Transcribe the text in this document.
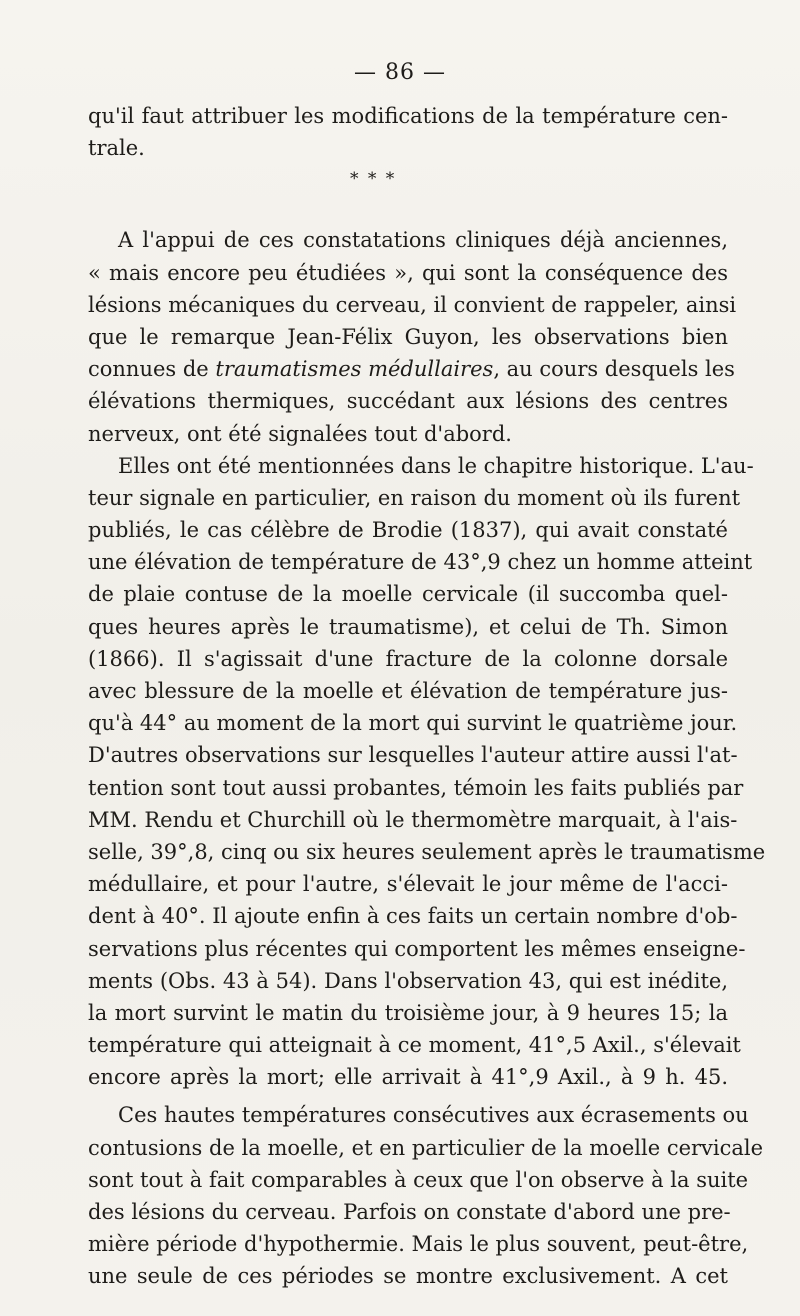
— 86 —
qu'il faut attribuer les modifications de la température cen-
trale.
* * *
A l'appui de ces constatations cliniques déjà anciennes,
« mais encore peu étudiées », qui sont la conséquence des
lésions mécaniques du cerveau, il convient de rappeler, ainsi
que le remarque Jean-Félix Guyon, les observations bien
connues de traumatismes médullaires, au cours desquels les
élévations thermiques, succédant aux lésions des centres
nerveux, ont été signalées tout d'abord.
Elles ont été mentionnées dans le chapitre historique. L'au-
teur signale en particulier, en raison du moment où ils furent
publiés, le cas célèbre de Brodie (1837), qui avait constaté
une élévation de température de 43°,9 chez un homme atteint
de plaie contuse de la moelle cervicale (il succomba quel-
ques heures après le traumatisme), et celui de Th. Simon
(1866). Il s'agissait d'une fracture de la colonne dorsale
avec blessure de la moelle et élévation de température jus-
qu'à 44° au moment de la mort qui survint le quatrième jour.
D'autres observations sur lesquelles l'auteur attire aussi l'at-
tention sont tout aussi probantes, témoin les faits publiés par
MM. Rendu et Churchill où le thermomètre marquait, à l'ais-
selle, 39°,8, cinq ou six heures seulement après le traumatisme
médullaire, et pour l'autre, s'élevait le jour même de l'acci-
dent à 40°. Il ajoute enfin à ces faits un certain nombre d'ob-
servations plus récentes qui comportent les mêmes enseigne-
ments (Obs. 43 à 54). Dans l'observation 43, qui est inédite,
la mort survint le matin du troisième jour, à 9 heures 15; la
température qui atteignait à ce moment, 41°,5 Axil., s'élevait
encore après la mort; elle arrivait à 41°,9 Axil., à 9 h. 45.
Ces hautes températures consécutives aux écrasements ou
contusions de la moelle, et en particulier de la moelle cervicale
sont tout à fait comparables à ceux que l'on observe à la suite
des lésions du cerveau. Parfois on constate d'abord une pre-
mière période d'hypothermie. Mais le plus souvent, peut-être,
une seule de ces périodes se montre exclusivement. A cet
